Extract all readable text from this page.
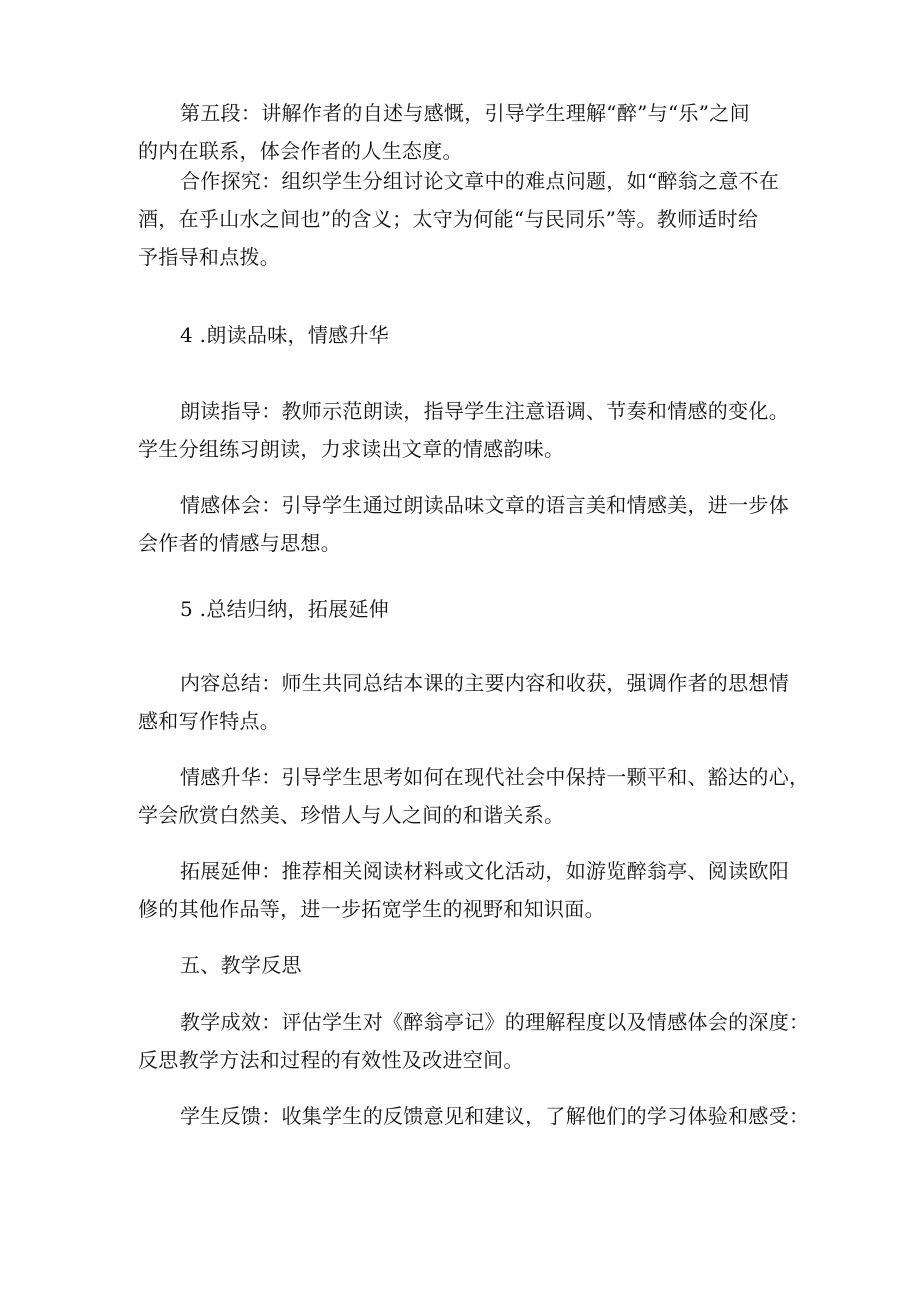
第五段：讲解作者的自述与感慨，引导学生理解“醉”与“乐”之间
的内在联系，体会作者的人生态度。
合作探究：组织学生分组讨论文章中的难点问题，如“醉翁之意不在
酒，在乎山水之间也”的含义；太守为何能“与民同乐”等。教师适时给
予指导和点拨。
4 .朗读品味，情感升华
朗读指导：教师示范朗读，指导学生注意语调、节奏和情感的变化。
学生分组练习朗读，力求读出文章的情感韵味。
情感体会：引导学生通过朗读品味文章的语言美和情感美，进一步体
会作者的情感与思想。
5 .总结归纳，拓展延伸
内容总结：师生共同总结本课的主要内容和收获，强调作者的思想情
感和写作特点。
情感升华：引导学生思考如何在现代社会中保持一颗平和、豁达的心，
学会欣赏白然美、珍惜人与人之间的和谐关系。
拓展延伸：推荐相关阅读材料或文化活动，如游览醉翁亭、阅读欧阳
修的其他作品等，进一步拓宽学生的视野和知识面。
五、教学反思
教学成效：评估学生对《醉翁亭记》的理解程度以及情感体会的深度：
反思教学方法和过程的有效性及改进空间。
学生反馈：收集学生的反馈意见和建议，了解他们的学习体验和感受：
